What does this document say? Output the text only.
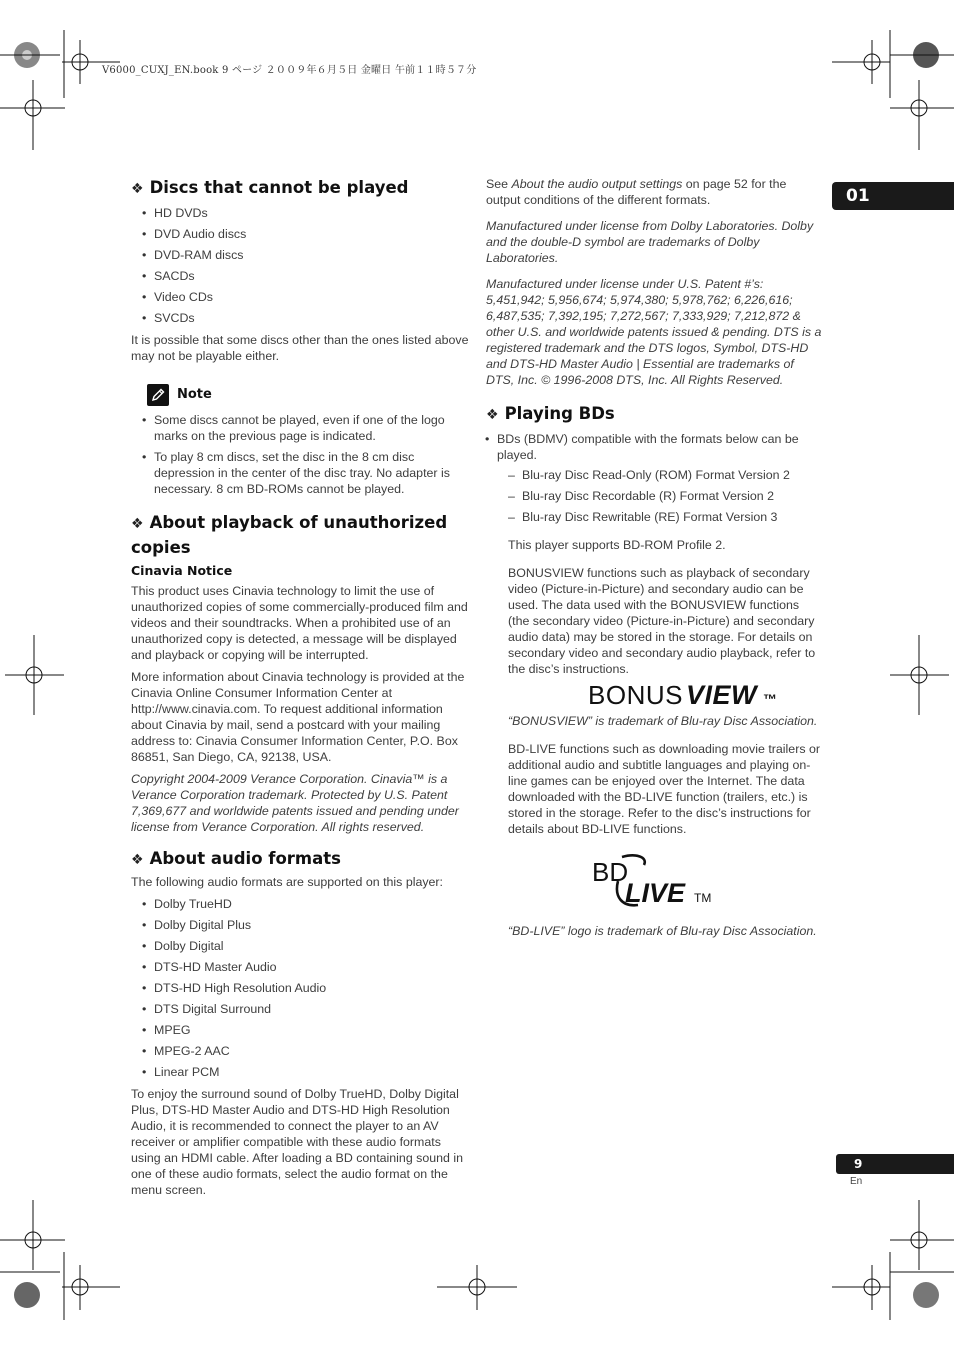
V6000_CUXJ_EN.book 9 ページ ２００９年６月５日 金曜日 午前１１時５７分
01
❖ Discs that cannot be played
• HD DVDs
• DVD Audio discs
• DVD-RAM discs
• SACDs
• Video CDs
• SVCDs

It is possible that some discs other than the ones listed above may not be playable either.

Note
• Some discs cannot be played, even if one of the logo marks on the previous page is indicated.
• To play 8 cm discs, set the disc in the 8 cm disc depression in the center of the disc tray. No adapter is necessary. 8 cm BD-ROMs cannot be played.
❖ About playback of unauthorized copies
Cinavia Notice

This product uses Cinavia technology to limit the use of unauthorized copies of some commercially-produced film and videos and their soundtracks. When a prohibited use of an unauthorized copy is detected, a message will be displayed and playback or copying will be interrupted.

More information about Cinavia technology is provided at the Cinavia Online Consumer Information Center at http://www.cinavia.com. To request additional information about Cinavia by mail, send a postcard with your mailing address to: Cinavia Consumer Information Center, P.O. Box 86851, San Diego, CA, 92138, USA.

Copyright 2004-2009 Verance Corporation. Cinavia™ is a Verance Corporation trademark. Protected by U.S. Patent 7,369,677 and worldwide patents issued and pending under license from Verance Corporation. All rights reserved.

❖ About audio formats

The following audio formats are supported on this player:

• Dolby TrueHD
• Dolby Digital Plus
• Dolby Digital
• DTS-HD Master Audio
• DTS-HD High Resolution Audio
• DTS Digital Surround
• MPEG
• MPEG-2 AAC
• Linear PCM

To enjoy the surround sound of Dolby TrueHD, Dolby Digital Plus, DTS-HD Master Audio and DTS-HD High Resolution Audio, it is recommended to connect the player to an AV receiver or amplifier compatible with these audio formats using an HDMI cable. After loading a BD containing sound in one of these audio formats, select the audio format on the menu screen.

See About the audio output settings on page 52 for the output conditions of the different formats.

Manufactured under license from Dolby Laboratories. Dolby and the double-D symbol are trademarks of Dolby Laboratories.

Manufactured under license under U.S. Patent #’s: 5,451,942; 5,956,674; 5,974,380; 5,978,762; 6,226,616; 6,487,535; 7,392,195; 7,272,567; 7,333,929; 7,212,872 & other U.S. and worldwide patents issued & pending. DTS is a registered trademark and the DTS logos, Symbol, DTS-HD and DTS-HD Master Audio | Essential are trademarks of DTS, Inc. © 1996-2008 DTS, Inc. All Rights Reserved.

❖ Playing BDs
• BDs (BDMV) compatible with the formats below can be played.
– Blu-ray Disc Read-Only (ROM) Format Version 2
– Blu-ray Disc Recordable (R) Format Version 2
– Blu-ray Disc Rewritable (RE) Format Version 3

This player supports BD-ROM Profile 2.

BONUSVIEW functions such as playback of secondary video (Picture-in-Picture) and secondary audio can be used. The data used with the BONUSVIEW functions (the secondary video (Picture-in-Picture) and secondary audio data) may be stored in the storage. For details on secondary video and secondary audio playback, refer to the disc’s instructions.

BONUS VIEW ™

“BONUSVIEW” is trademark of Blu-ray Disc Association.

BD-LIVE functions such as downloading movie trailers or additional audio and subtitle languages and playing on-line games can be enjoyed over the Internet. The data downloaded with the BD-LIVE function (trailers, etc.) is stored in the storage. Refer to the disc’s instructions for details about BD-LIVE functions.

BD
LIVE TM

“BD-LIVE” logo is trademark of Blu-ray Disc Association.

9
En
